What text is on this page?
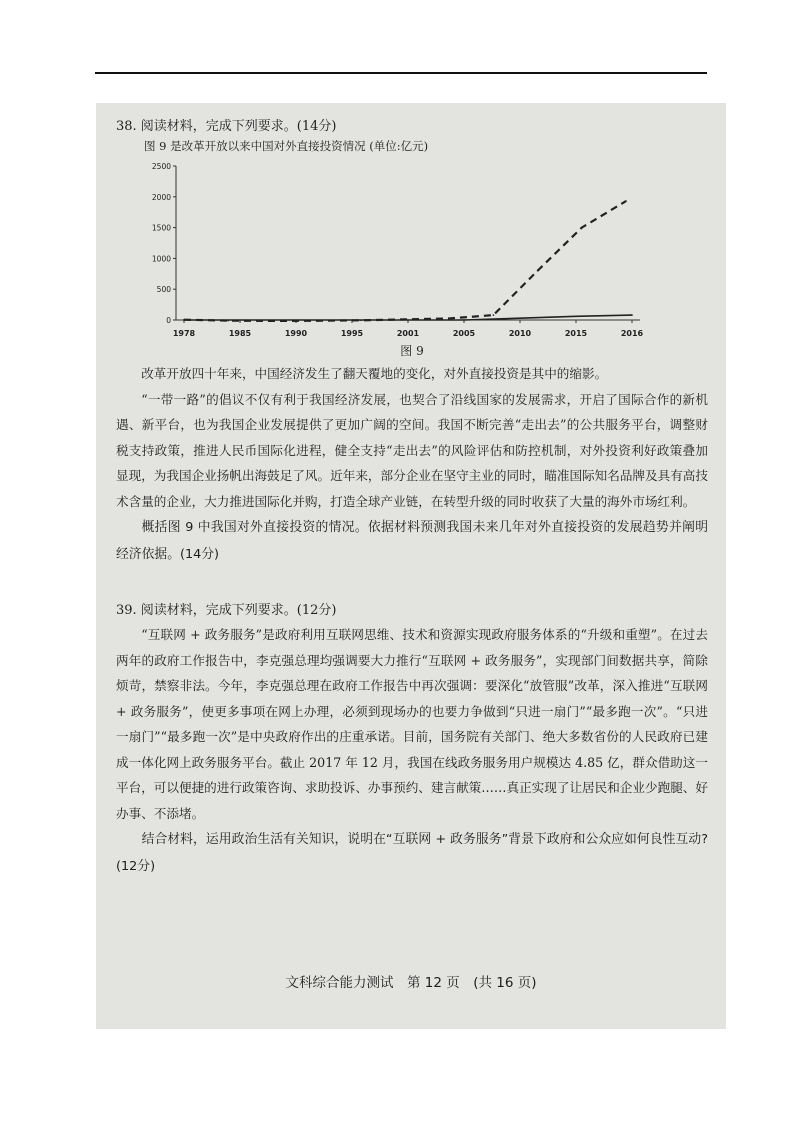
38. 阅读材料，完成下列要求。(14分)

图 9 是改革开放以来中国对外直接投资情况 (单位:亿元)

2500
2000
1500
1000
500
0
1978	1985	1990	1995	2001	2005	2010	2015	2016

图 9

改革开放四十年来，中国经济发生了翻天覆地的变化，对外直接投资是其中的缩影。

“一带一路”的倡议不仅有利于我国经济发展，也契合了沿线国家的发展需求，开启了国际合作的新机遇、新平台，也为我国企业发展提供了更加广阔的空间。我国不断完善“走出去”的公共服务平台，调整财税支持政策，推进人民币国际化进程，健全支持“走出去”的风险评估和防控机制，对外投资利好政策叠加显现，为我国企业扬帆出海鼓足了风。近年来，部分企业在坚守主业的同时，瞄准国际知名品牌及具有高技术含量的企业，大力推进国际化并购，打造全球产业链，在转型升级的同时收获了大量的海外市场红利。

概括图 9 中我国对外直接投资的情况。依据材料预测我国未来几年对外直接投资的发展趋势并阐明经济依据。(14分)

39. 阅读材料，完成下列要求。(12分)

“互联网 + 政务服务”是政府利用互联网思维、技术和资源实现政府服务体系的“升级和重塑”。在过去两年的政府工作报告中，李克强总理均强调要大力推行“互联网 + 政务服务”，实现部门间数据共享，简除烦苛，禁察非法。今年，李克强总理在政府工作报告中再次强调：要深化“放管服”改革，深入推进“互联网 + 政务服务”，使更多事项在网上办理，必须到现场办的也要力争做到“只进一扇门”“最多跑一次”。“只进一扇门”“最多跑一次”是中央政府作出的庄重承诺。目前，国务院有关部门、绝大多数省份的人民政府已建成一体化网上政务服务平台。截止 2017 年 12 月，我国在线政务服务用户规模达 4.85 亿，群众借助这一平台，可以便捷的进行政策咨询、求助投诉、办事预约、建言献策……真正实现了让居民和企业少跑腿、好办事、不添堵。

结合材料，运用政治生活有关知识，说明在“互联网 + 政务服务”背景下政府和公众应如何良性互动?(12分)

文科综合能力测试　第 12 页　(共 16 页)
